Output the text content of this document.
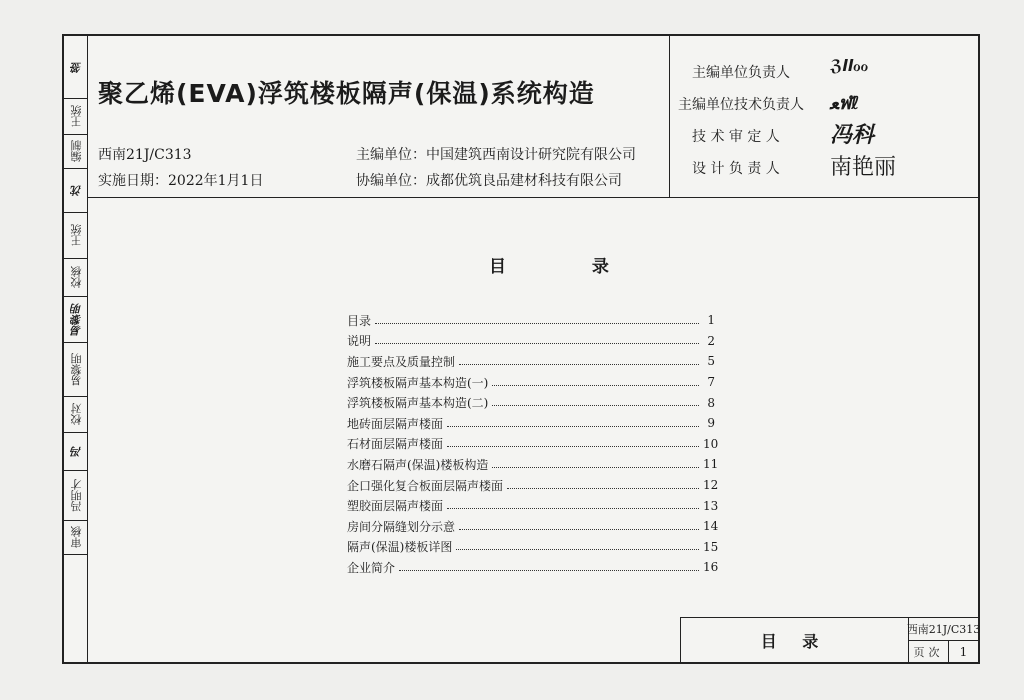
签
王统
编制
沈
王统
校核
易黎明
易黎明
校对
冯
冯明才
审核
聚乙烯(EVA)浮筑楼板隔声(保温)系统构造
西南21J/C313
实施日期：2022年1月1日
主编单位：中国建筑西南设计研究院有限公司
协编单位：成都优筑良品建材科技有限公司
主编单位负责人	ℨllℴℴ
主编单位技术负责人 ﻌฬℓ
技 术 审 定 人 冯科
设 计 负 责 人 南艳丽
目 录
目录	1
说明	2
施工要点及质量控制	5
浮筑楼板隔声基本构造(一)	7
浮筑楼板隔声基本构造(二)	8
地砖面层隔声楼面	9
石材面层隔声楼面	10
水磨石隔声(保温)楼板构造	11
企口强化复合板面层隔声楼面	12
塑胶面层隔声楼面	13
房间分隔缝划分示意	14
隔声(保温)楼板详图	15
企业简介	16
目 录
西南21J/C313
页次	1
